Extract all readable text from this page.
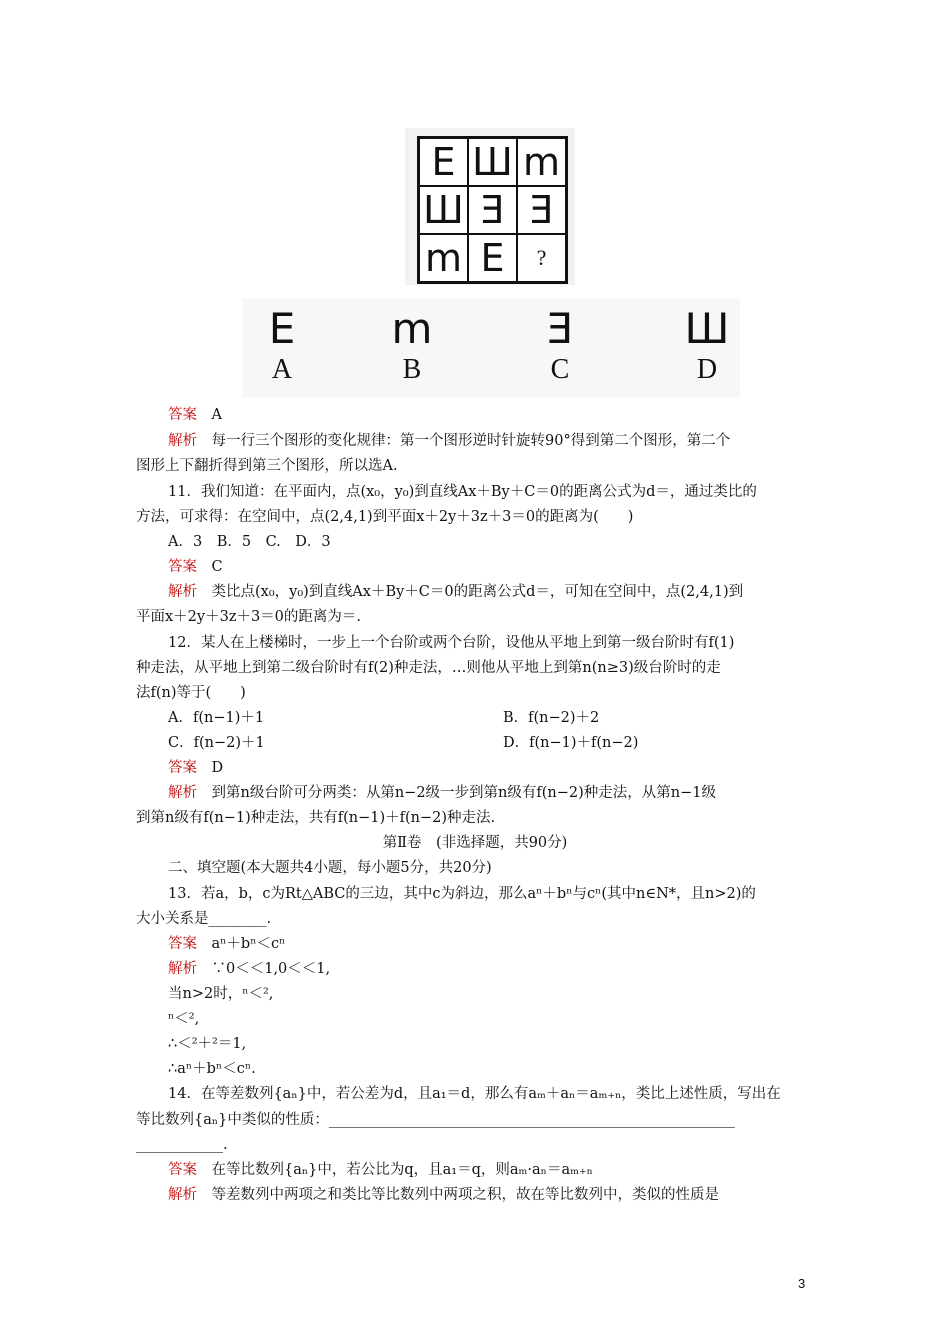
E Ш m
Ш Ǝ Ǝ
m E ?
E
A
m
B
Ǝ
C
Ш
D
答案　 A
解析　 每一行三个图形的变化规律：第一个图形逆时针旋转90°得到第二个图形，第二个
图形上下翻折得到第三个图形，所以选A.
11．我们知道：在平面内，点(x₀，y₀)到直线Ax＋By＋C＝0的距离公式为d＝，通过类比的
方法，可求得：在空间中，点(2,4,1)到平面x＋2y＋3z＋3＝0的距离为(　　)
A．3　B．5　C.　D．3
答案　 C
解析　 类比点(x₀，y₀)到直线Ax＋By＋C＝0的距离公式d＝，可知在空间中，点(2,4,1)到
平面x＋2y＋3z＋3＝0的距离为＝.
12．某人在上楼梯时，一步上一个台阶或两个台阶，设他从平地上到第一级台阶时有f(1)
种走法，从平地上到第二级台阶时有f(2)种走法，…则他从平地上到第n(n≥3)级台阶时的走
法f(n)等于(　　)
A．f(n−1)＋1	B．f(n−2)＋2
C．f(n−2)＋1	D．f(n−1)＋f(n−2)
答案　 D
解析　 到第n级台阶可分两类：从第n−2级一步到第n级有f(n−2)种走法，从第n−1级
到第n级有f(n−1)种走法，共有f(n−1)＋f(n−2)种走法.
第Ⅱ卷　(非选择题，共90分)
二、填空题(本大题共4小题，每小题5分，共20分)
13．若a，b，c为Rt△ABC的三边，其中c为斜边，那么aⁿ＋bⁿ与cⁿ(其中n∈N*，且n>2)的
大小关系是________.
答案　 aⁿ＋bⁿ＜cⁿ
解析　 ∵0＜＜1,0＜＜1,
当n>2时，ⁿ＜²,
ⁿ＜²,
∴＜²＋²＝1,
∴aⁿ＋bⁿ＜cⁿ.
14．在等差数列{aₙ}中，若公差为d，且a₁＝d，那么有aₘ＋aₙ＝aₘ₊ₙ，类比上述性质，写出在
等比数列{aₙ}中类似的性质：________________________________________________________
____________.
答案　 在等比数列{aₙ}中，若公比为q，且a₁＝q，则aₘ·aₙ＝aₘ₊ₙ
解析　 等差数列中两项之和类比等比数列中两项之积，故在等比数列中，类似的性质是
3
